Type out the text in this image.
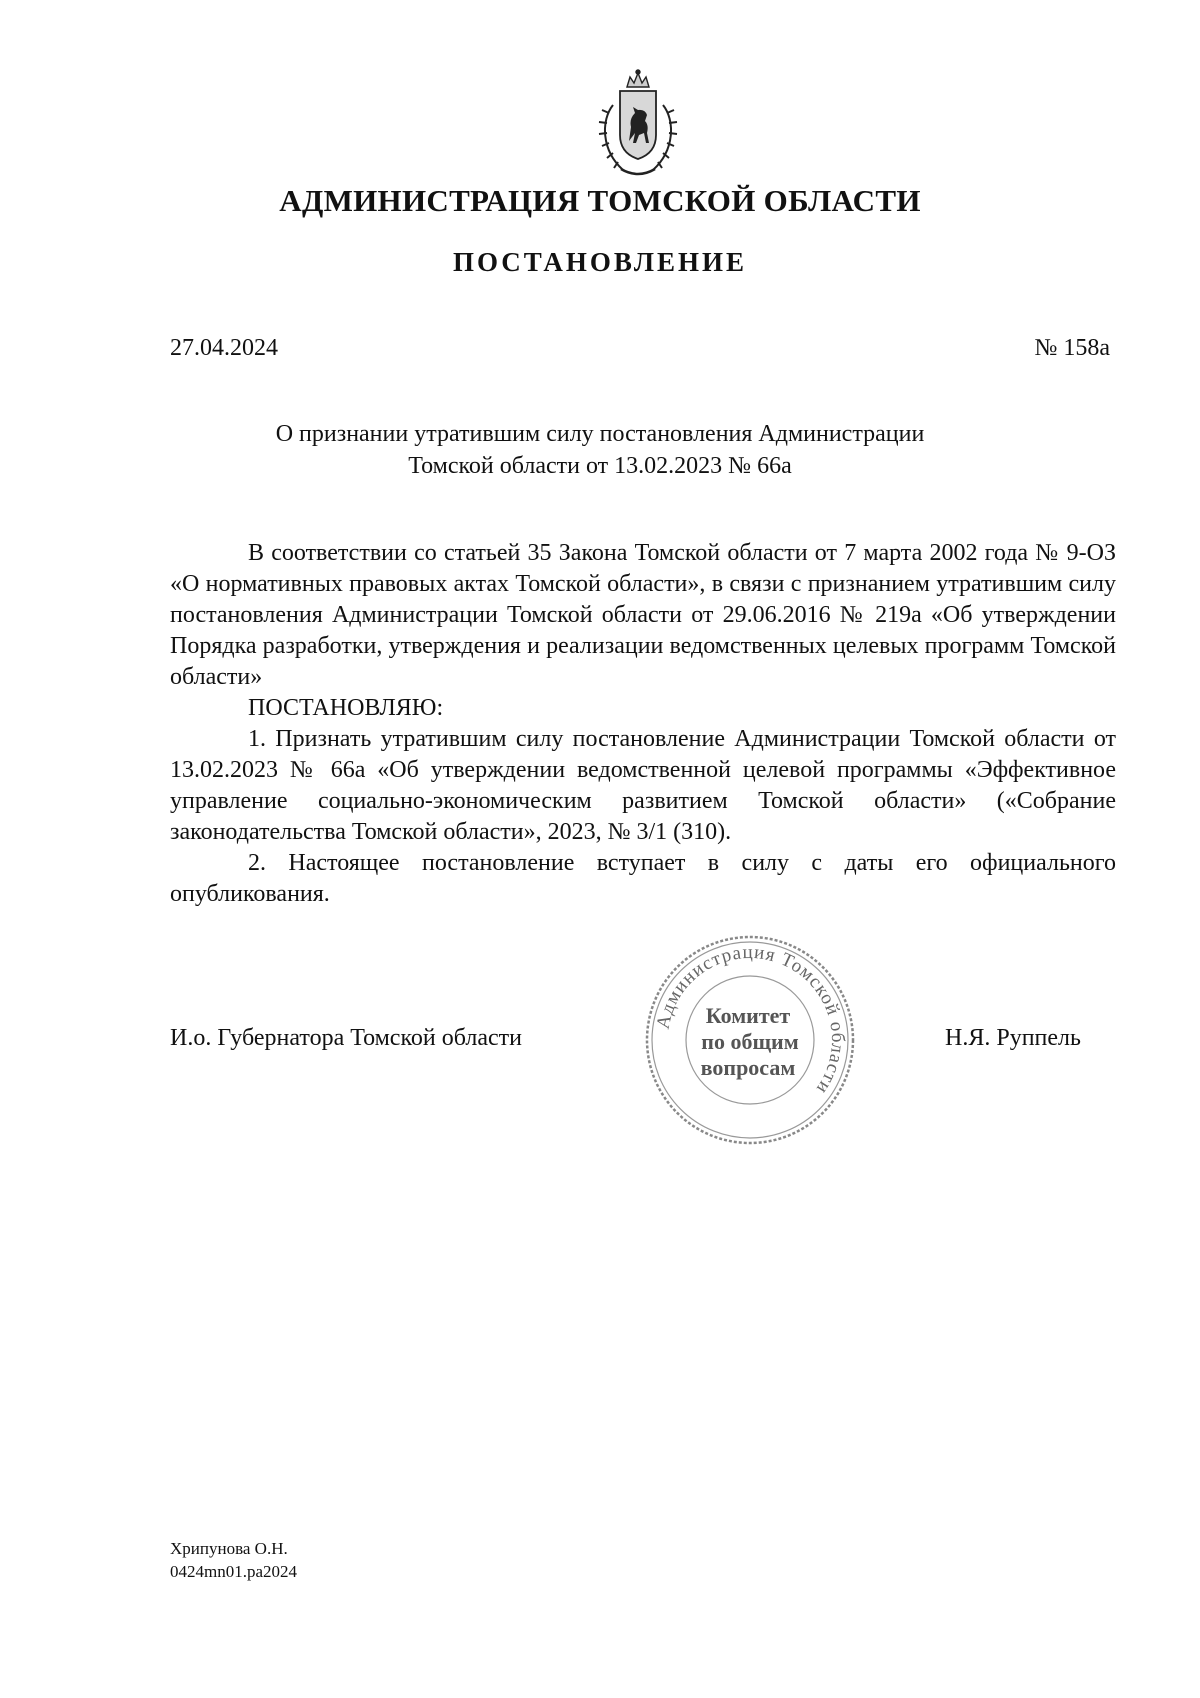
АДМИНИСТРАЦИЯ ТОМСКОЙ ОБЛАСТИ
ПОСТАНОВЛЕНИЕ
27.04.2024	№ 158а
О признании утратившим силу постановления Администрации
Томской области от 13.02.2023 № 66а

В соответствии со статьей 35 Закона Томской области от 7 марта 2002 года № 9-ОЗ «О нормативных правовых актах Томской области», в связи с признанием утратившим силу постановления Администрации Томской области от 29.06.2016 № 219а «Об утверждении Порядка разработки, утверждения и реализации ведомственных целевых программ Томской области»

ПОСТАНОВЛЯЮ:

1. Признать утратившим силу постановление Администрации Томской области от 13.02.2023 № 66а «Об утверждении ведомственной целевой программы «Эффективное управление социально-экономическим развитием Томской области» («Собрание законодательства Томской области», 2023, № 3/1 (310).

2. Настоящее постановление вступает в силу с даты его официального опубликования.

И.о. Губернатора Томской области
Администрация Томской области
Комитет
по общим
вопросам
Н.Я. Руппель
Хрипунова О.Н.
0424mn01.pa2024
